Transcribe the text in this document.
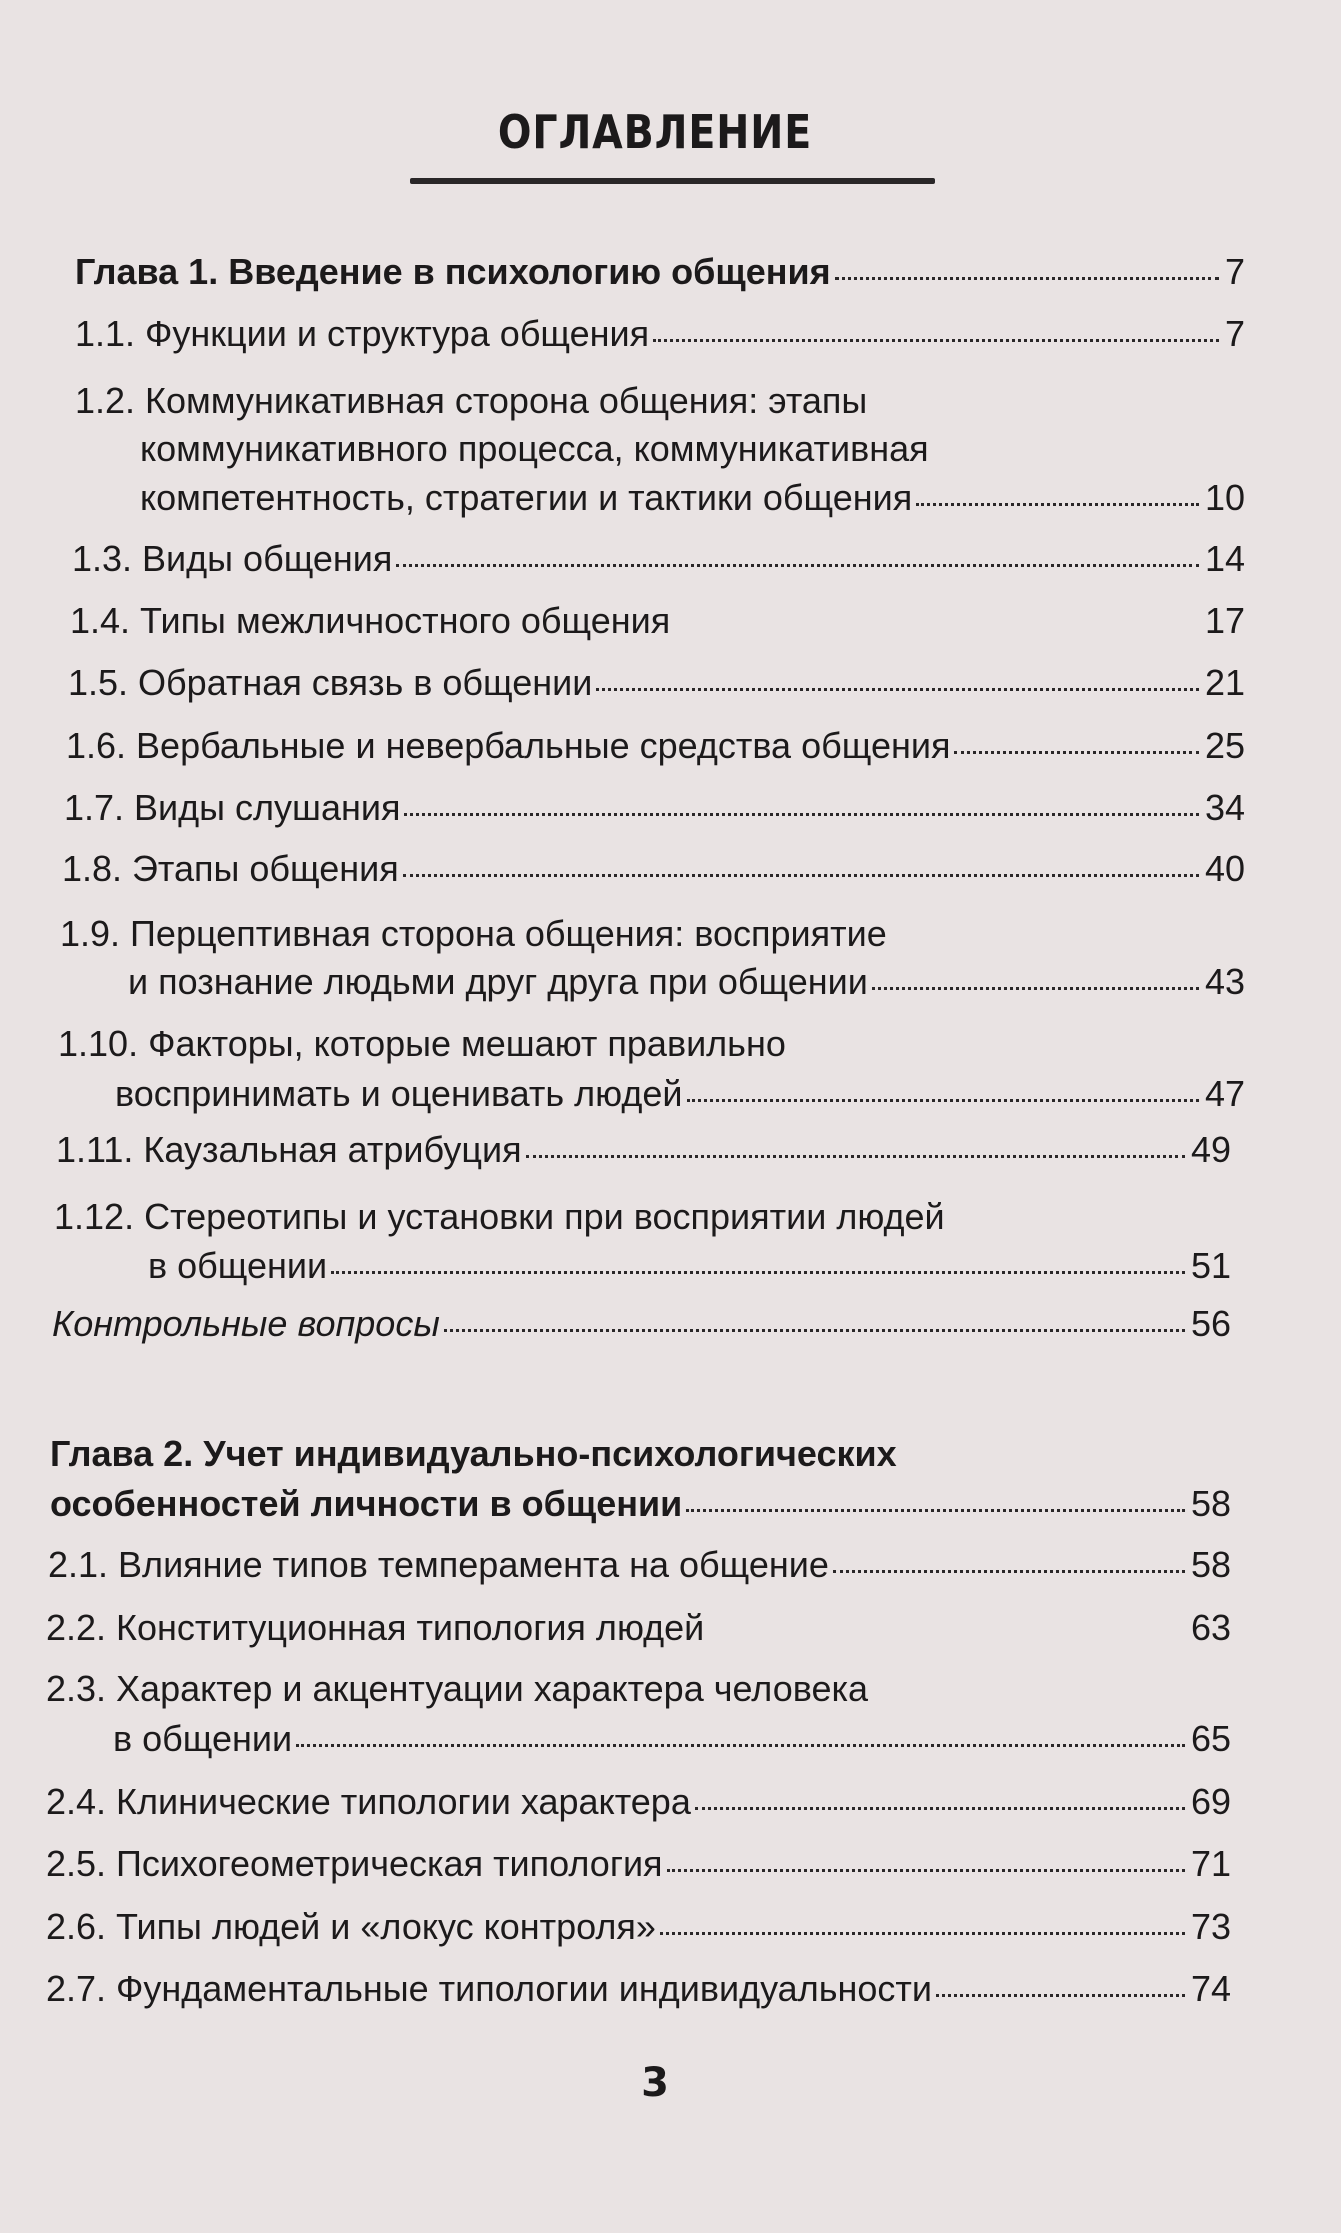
ОГЛАВЛЕНИЕ
Глава 1. Введение в психологию общения	7
1.1. Функции и структура общения	7
1.2. Коммуникативная сторона общения: этапы
коммуникативного процесса, коммуникативная
компетентность, стратегии и тактики общения	10
1.3. Виды общения	14
1.4. Типы межличностного общения	17
1.5. Обратная связь в общении	21
1.6. Вербальные и невербальные средства общения	25
1.7. Виды слушания	34
1.8. Этапы общения	40
1.9. Перцептивная сторона общения: восприятие
и познание людьми друг друга при общении	43
1.10. Факторы, которые мешают правильно
воспринимать и оценивать людей	47
1.11. Каузальная атрибуция	49
1.12. Стереотипы и установки при восприятии людей
в общении	51
Контрольные вопросы	56
Глава 2. Учет индивидуально-психологических
особенностей личности в общении	58
2.1. Влияние типов темперамента на общение	58
2.2. Конституционная типология людей	63
2.3. Характер и акцентуации характера человека
в общении	65
2.4. Клинические типологии характера	69
2.5. Психогеометрическая типология	71
2.6. Типы людей и «локус контроля»	73
2.7. Фундаментальные типологии индивидуальности	74
3
